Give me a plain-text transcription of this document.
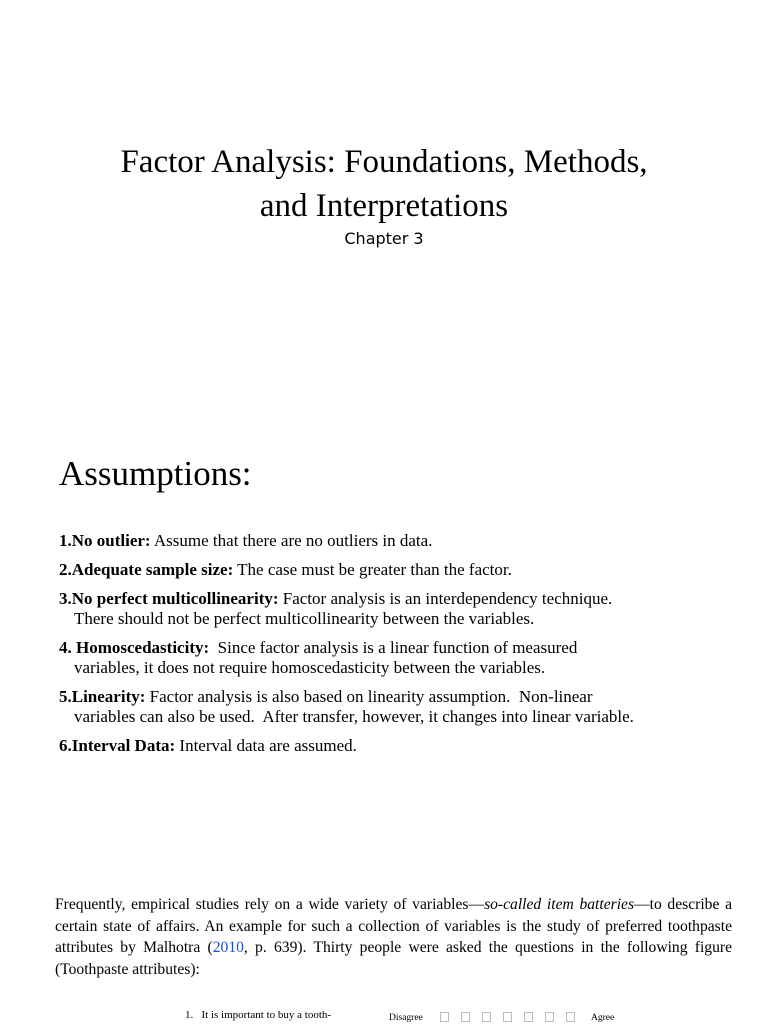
Factor Analysis: Foundations, Methods,
and Interpretations
Chapter 3
Assumptions:
1.No outlier: Assume that there are no outliers in data.
2.Adequate sample size: The case must be greater than the factor.
3.No perfect multicollinearity: Factor analysis is an interdependency technique.
There should not be perfect multicollinearity between the variables.
4. Homoscedasticity:  Since factor analysis is a linear function of measured
variables, it does not require homoscedasticity between the variables.
5.Linearity: Factor analysis is also based on linearity assumption.  Non-linear
variables can also be used.  After transfer, however, it changes into linear variable.
6.Interval Data: Interval data are assumed.
Frequently, empirical studies rely on a wide variety of variables—so-called item batteries—to describe a certain state of affairs. An example for such a collection of variables is the study of preferred toothpaste attributes by Malhotra (2010, p. 639). Thirty people were asked the questions in the following figure (Toothpaste attributes):
1.   It is important to buy a tooth-	Disagree	Agree
